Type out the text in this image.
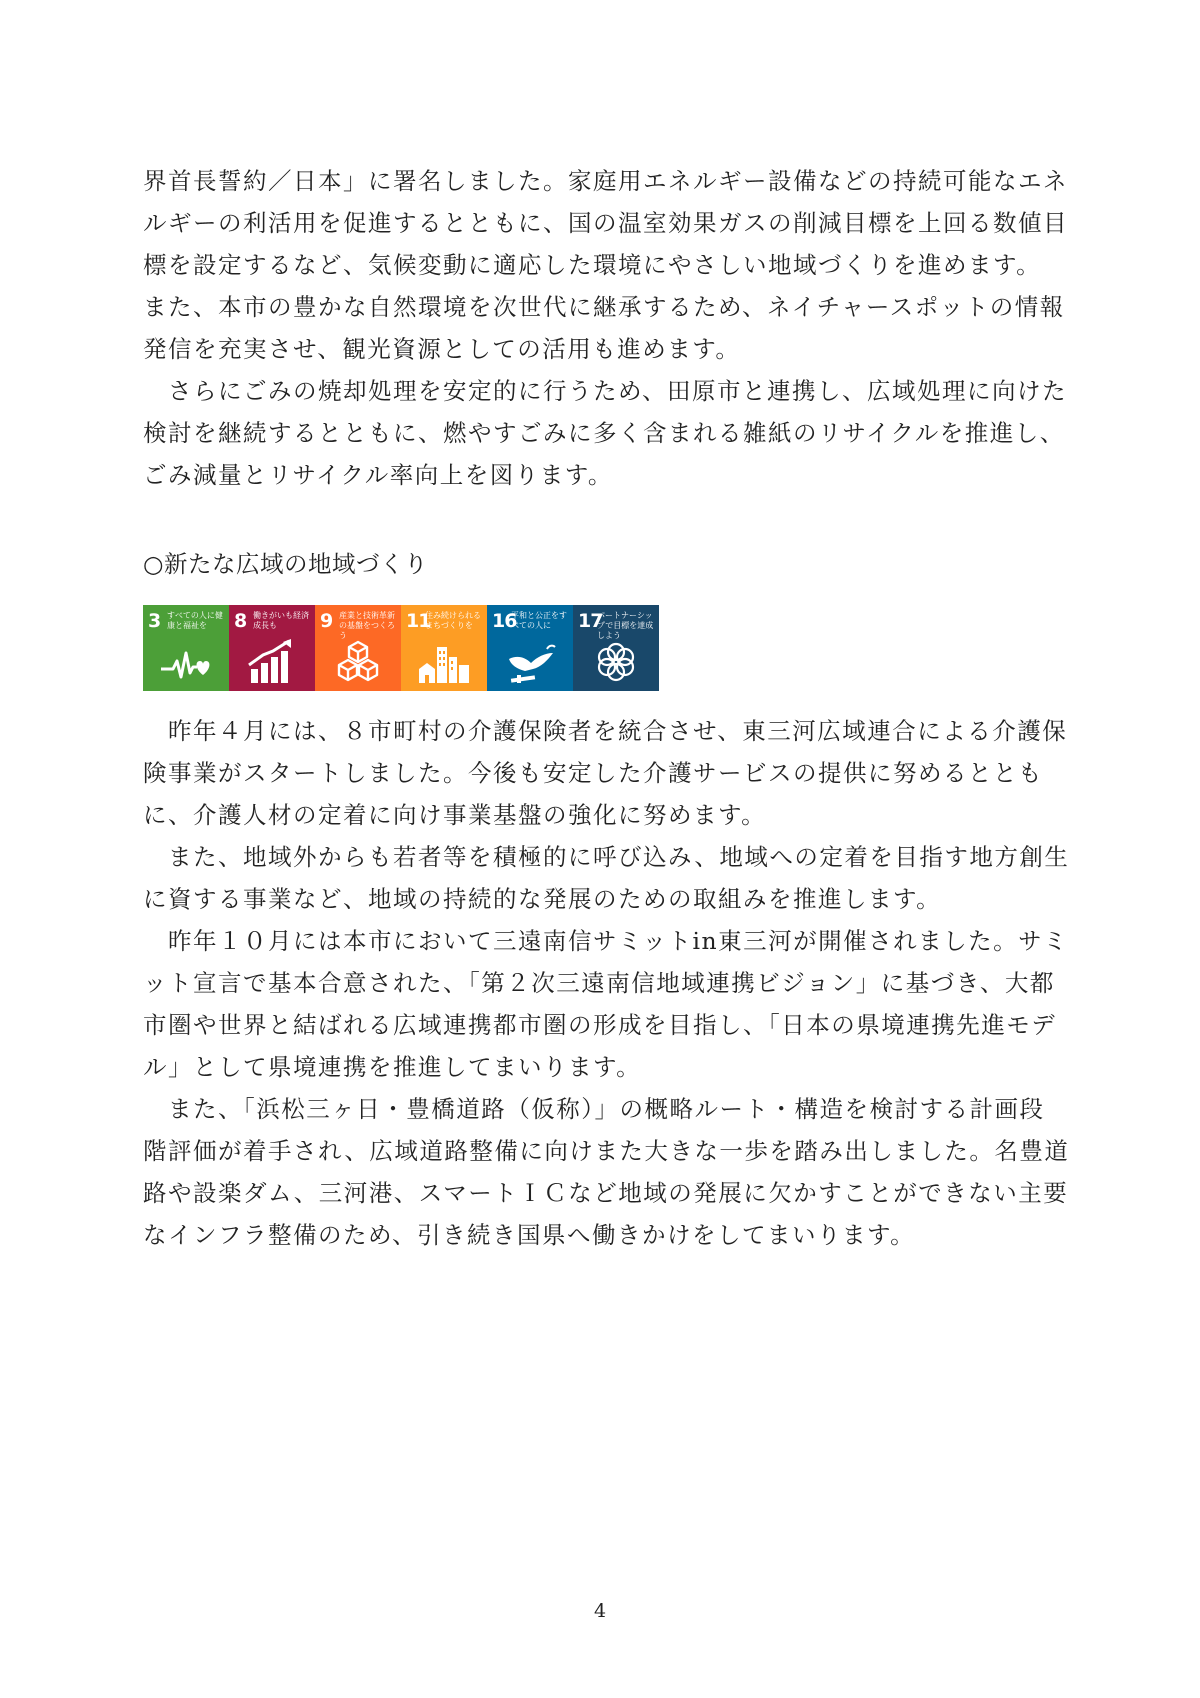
界首長誓約／日本」に署名しました。家庭用エネルギー設備などの持続可能なエネ
ルギーの利活用を促進するとともに、国の温室効果ガスの削減目標を上回る数値目
標を設定するなど、気候変動に適応した環境にやさしい地域づくりを進めます。
また、本市の豊かな自然環境を次世代に継承するため、ネイチャースポットの情報
発信を充実させ、観光資源としての活用も進めます。
　さらにごみの焼却処理を安定的に行うため、田原市と連携し、広域処理に向けた
検討を継続するとともに、燃やすごみに多く含まれる雑紙のリサイクルを推進し、
ごみ減量とリサイクル率向上を図ります。
○新たな広域の地域づくり
3 すべての人に健康と福祉を	8 働きがいも経済成長も	9 産業と技術革新の基盤をつくろう
11
住み続けられるまちづくりを	16
平和と公正をすべての人に	17
パートナーシップで目標を達成しよう
　昨年４月には、８市町村の介護保険者を統合させ、東三河広域連合による介護保
険事業がスタートしました。今後も安定した介護サービスの提供に努めるととも
に、介護人材の定着に向け事業基盤の強化に努めます。
　また、地域外からも若者等を積極的に呼び込み、地域への定着を目指す地方創生
に資する事業など、地域の持続的な発展のための取組みを推進します。
　昨年１０月には本市において三遠南信サミットin東三河が開催されました。サミ
ット宣言で基本合意された、「第２次三遠南信地域連携ビジョン」に基づき、大都
市圏や世界と結ばれる広域連携都市圏の形成を目指し、「日本の県境連携先進モデ
ル」として県境連携を推進してまいります。
　また、「浜松三ヶ日・豊橋道路（仮称）」の概略ルート・構造を検討する計画段
階評価が着手され、広域道路整備に向けまた大きな一歩を踏み出しました。名豊道
路や設楽ダム、三河港、スマートＩＣなど地域の発展に欠かすことができない主要
なインフラ整備のため、引き続き国県へ働きかけをしてまいります。
4
